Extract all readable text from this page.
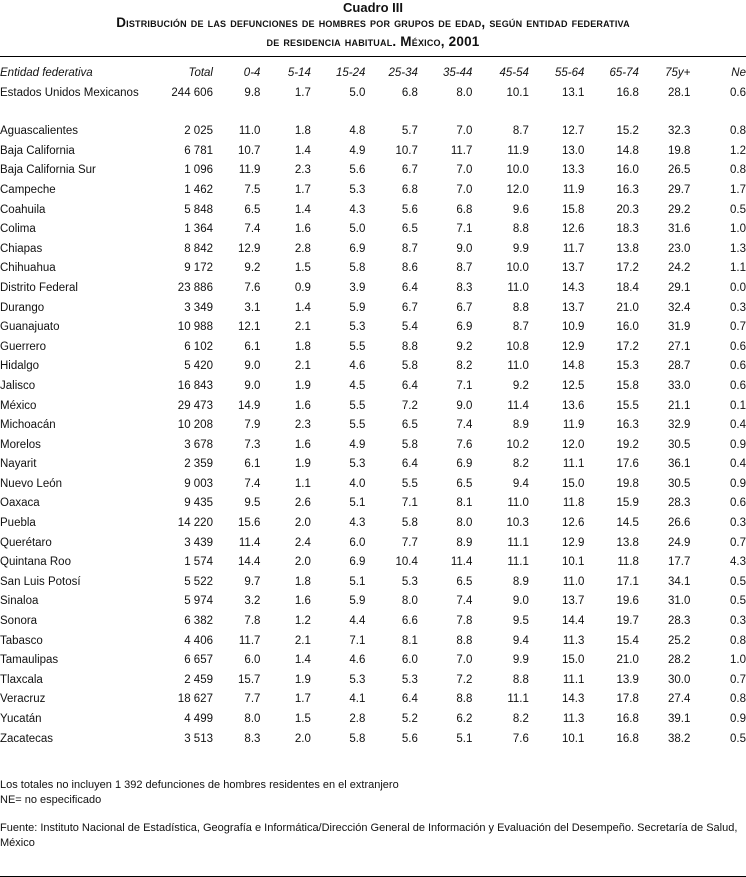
Cuadro III
Distribución de las defunciones de hombres por grupos de edad, según entidad federativa
de residencia habitual. México, 2001
Entidad federativa	Total	0-4	5-14	15-24	25-34	35-44	45-54	55-64	65-74	75y+	Ne
Estados Unidos Mexicanos	244 606	9.8	1.7	5.0	6.8	8.0	10.1	13.1	16.8	28.1	0.6

Aguascalientes	2 025	11.0	1.8	4.8	5.7	7.0	8.7	12.7	15.2	32.3	0.8
Baja California	6 781	10.7	1.4	4.9	10.7	11.7	11.9	13.0	14.8	19.8	1.2
Baja California Sur	1 096	11.9	2.3	5.6	6.7	7.0	10.0	13.3	16.0	26.5	0.8
Campeche	1 462	7.5	1.7	5.3	6.8	7.0	12.0	11.9	16.3	29.7	1.7
Coahuila	5 848	6.5	1.4	4.3	5.6	6.8	9.6	15.8	20.3	29.2	0.5
Colima	1 364	7.4	1.6	5.0	6.5	7.1	8.8	12.6	18.3	31.6	1.0
Chiapas	8 842	12.9	2.8	6.9	8.7	9.0	9.9	11.7	13.8	23.0	1.3
Chihuahua	9 172	9.2	1.5	5.8	8.6	8.7	10.0	13.7	17.2	24.2	1.1
Distrito Federal	23 886	7.6	0.9	3.9	6.4	8.3	11.0	14.3	18.4	29.1	0.0
Durango	3 349	3.1	1.4	5.9	6.7	6.7	8.8	13.7	21.0	32.4	0.3
Guanajuato	10 988	12.1	2.1	5.3	5.4	6.9	8.7	10.9	16.0	31.9	0.7
Guerrero	6 102	6.1	1.8	5.5	8.8	9.2	10.8	12.9	17.2	27.1	0.6
Hidalgo	5 420	9.0	2.1	4.6	5.8	8.2	11.0	14.8	15.3	28.7	0.6
Jalisco	16 843	9.0	1.9	4.5	6.4	7.1	9.2	12.5	15.8	33.0	0.6
México	29 473	14.9	1.6	5.5	7.2	9.0	11.4	13.6	15.5	21.1	0.1
Michoacán	10 208	7.9	2.3	5.5	6.5	7.4	8.9	11.9	16.3	32.9	0.4
Morelos	3 678	7.3	1.6	4.9	5.8	7.6	10.2	12.0	19.2	30.5	0.9
Nayarit	2 359	6.1	1.9	5.3	6.4	6.9	8.2	11.1	17.6	36.1	0.4
Nuevo León	9 003	7.4	1.1	4.0	5.5	6.5	9.4	15.0	19.8	30.5	0.9
Oaxaca	9 435	9.5	2.6	5.1	7.1	8.1	11.0	11.8	15.9	28.3	0.6
Puebla	14 220	15.6	2.0	4.3	5.8	8.0	10.3	12.6	14.5	26.6	0.3
Querétaro	3 439	11.4	2.4	6.0	7.7	8.9	11.1	12.9	13.8	24.9	0.7
Quintana Roo	1 574	14.4	2.0	6.9	10.4	11.4	11.1	10.1	11.8	17.7	4.3
San Luis Potosí	5 522	9.7	1.8	5.1	5.3	6.5	8.9	11.0	17.1	34.1	0.5
Sinaloa	5 974	3.2	1.6	5.9	8.0	7.4	9.0	13.7	19.6	31.0	0.5
Sonora	6 382	7.8	1.2	4.4	6.6	7.8	9.5	14.4	19.7	28.3	0.3
Tabasco	4 406	11.7	2.1	7.1	8.1	8.8	9.4	11.3	15.4	25.2	0.8
Tamaulipas	6 657	6.0	1.4	4.6	6.0	7.0	9.9	15.0	21.0	28.2	1.0
Tlaxcala	2 459	15.7	1.9	5.3	5.3	7.2	8.8	11.1	13.9	30.0	0.7
Veracruz	18 627	7.7	1.7	4.1	6.4	8.8	11.1	14.3	17.8	27.4	0.8
Yucatán	4 499	8.0	1.5	2.8	5.2	6.2	8.2	11.3	16.8	39.1	0.9
Zacatecas	3 513	8.3	2.0	5.8	5.6	5.1	7.6	10.1	16.8	38.2	0.5
Los totales no incluyen 1 392 defunciones de hombres residentes en el extranjero
NE= no especificado
Fuente: Instituto Nacional de Estadística, Geografía e Informática/Dirección General de Información y Evaluación del Desempeño. Secretaría de Salud, México
